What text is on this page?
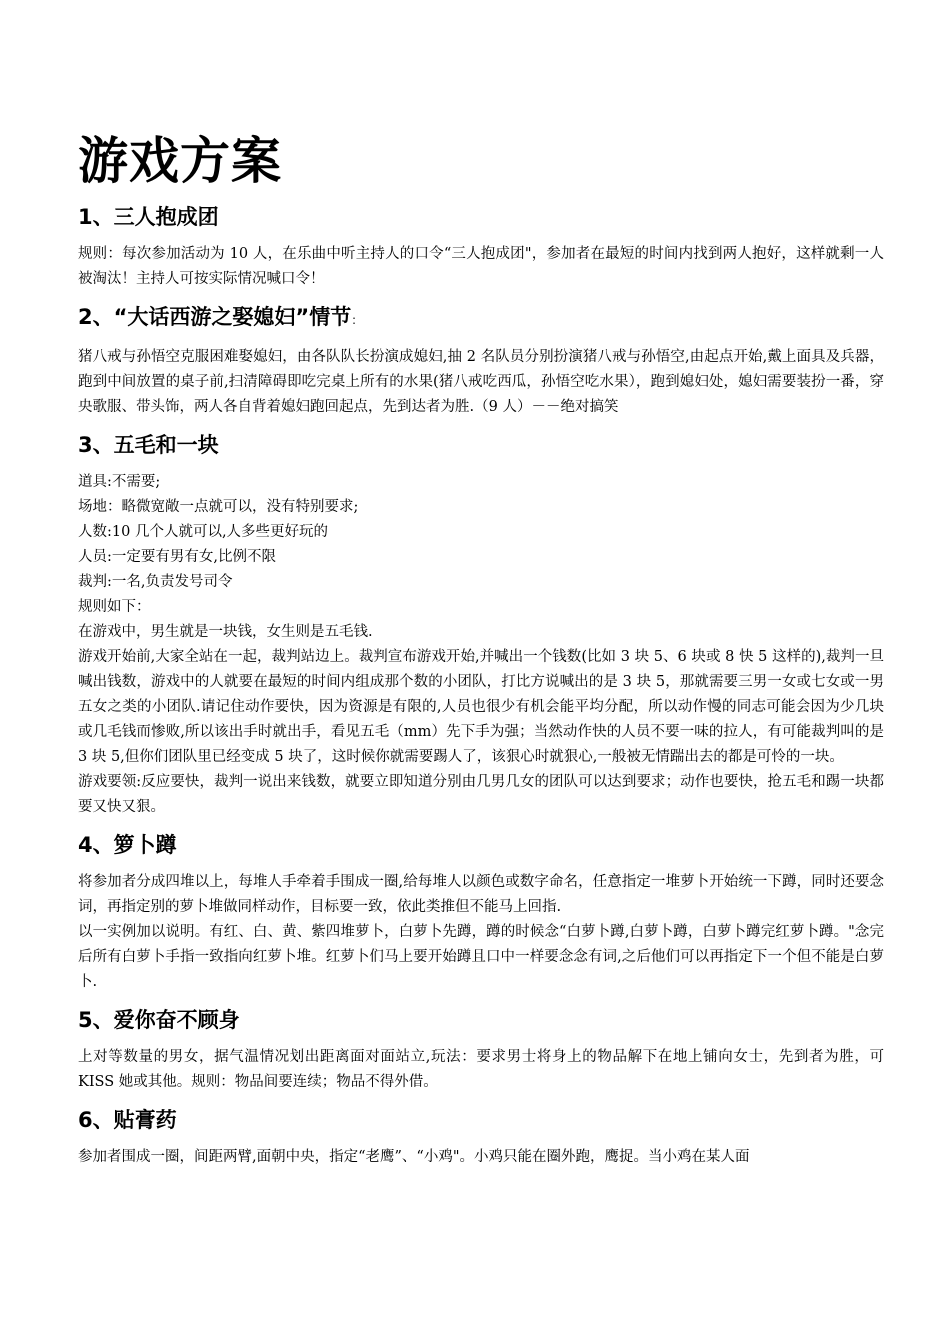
游戏方案
1、三人抱成团

规则：每次参加活动为 10 人，在乐曲中听主持人的口令“三人抱成团"，参加者在最短的时间内找到两人抱好，这样就剩一人被淘汰！主持人可按实际情况喊口令！

2、“大话西游之娶媳妇”情节：

猪八戒与孙悟空克服困难娶媳妇，由各队队长扮演成媳妇,抽 2 名队员分别扮演猪八戒与孙悟空,由起点开始,戴上面具及兵器，跑到中间放置的桌子前,扫清障碍即吃完桌上所有的水果(猪八戒吃西瓜，孙悟空吃水果），跑到媳妇处，媳妇需要装扮一番，穿央歌服、带头饰，两人各自背着媳妇跑回起点，先到达者为胜.（9 人）－－绝对搞笑

3、五毛和一块

道具:不需要;

场地：略微宽敞一点就可以，没有特别要求;

人数:10 几个人就可以,人多些更好玩的

人员:一定要有男有女,比例不限

裁判:一名,负责发号司令

规则如下：

在游戏中，男生就是一块钱，女生则是五毛钱.

游戏开始前,大家全站在一起，裁判站边上。裁判宣布游戏开始,并喊出一个钱数(比如 3 块 5、6 块或 8 快 5 这样的),裁判一旦喊出钱数，游戏中的人就要在最短的时间内组成那个数的小团队，打比方说喊出的是 3 块 5，那就需要三男一女或七女或一男五女之类的小团队.请记住动作要快，因为资源是有限的,人员也很少有机会能平均分配，所以动作慢的同志可能会因为少几块或几毛钱而惨败,所以该出手时就出手，看见五毛（mm）先下手为强；当然动作快的人员不要一味的拉人，有可能裁判叫的是 3 块 5,但你们团队里已经变成 5 块了，这时候你就需要踢人了，该狠心时就狠心,一般被无情踹出去的都是可怜的一块。

游戏要领:反应要快，裁判一说出来钱数，就要立即知道分别由几男几女的团队可以达到要求；动作也要快，抢五毛和踢一块都要又快又狠。

4、箩卜蹲

将参加者分成四堆以上，每堆人手牵着手围成一圈,给每堆人以颜色或数字命名，任意指定一堆萝卜开始统一下蹲，同时还要念词，再指定别的萝卜堆做同样动作，目标要一致，依此类推但不能马上回指.

以一实例加以说明。有红、白、黄、紫四堆萝卜，白萝卜先蹲，蹲的时候念“白萝卜蹲,白萝卜蹲，白萝卜蹲完红萝卜蹲。"念完后所有白萝卜手指一致指向红萝卜堆。红萝卜们马上要开始蹲且口中一样要念念有词,之后他们可以再指定下一个但不能是白萝卜.

5、爱你奋不顾身

上对等数量的男女，据气温情况划出距离面对面站立,玩法：要求男士将身上的物品解下在地上铺向女士，先到者为胜，可 KISS 她或其他。规则：物品间要连续；物品不得外借。

6、贴膏药

参加者围成一圈，间距两臂,面朝中央，指定“老鹰”、“小鸡"。小鸡只能在圈外跑，鹰捉。当小鸡在某人面
